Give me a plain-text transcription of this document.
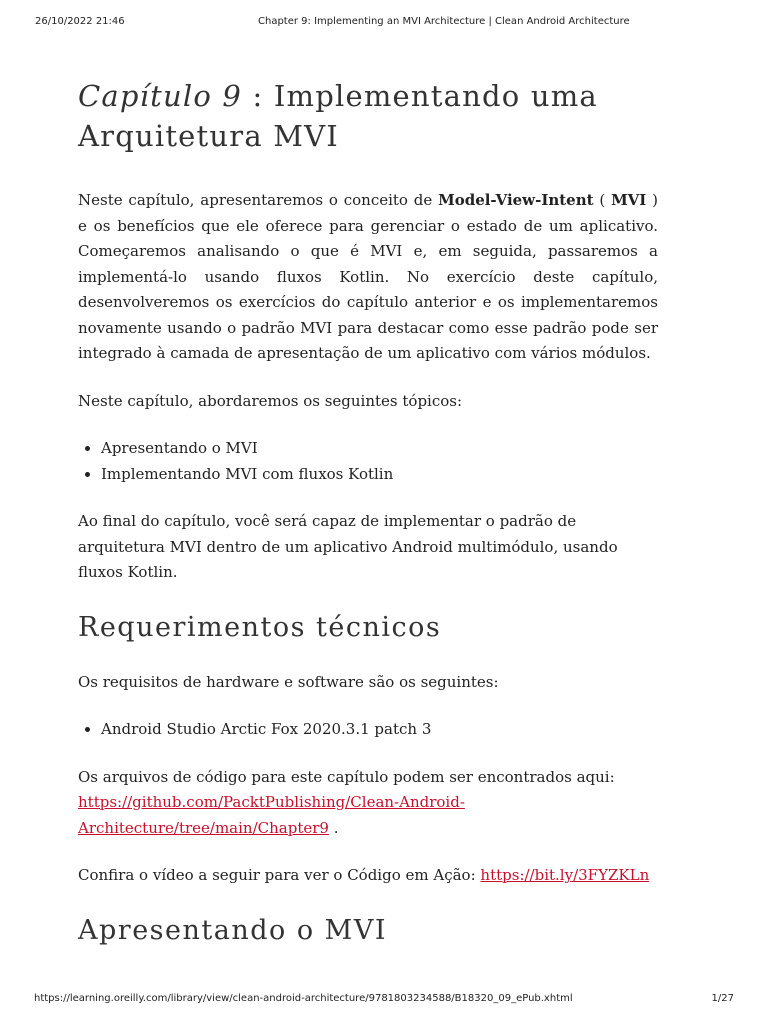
26/10/2022 21:46	Chapter 9: Implementing an MVI Architecture | Clean Android Architecture
Capítulo 9 : Implementando uma
Arquitetura MVI

Neste capítulo, apresentaremos o conceito de Model-View-Intent ( MVI ) e os benefícios que ele oferece para gerenciar o estado de um aplicativo. Começaremos analisando o que é MVI e, em seguida, passaremos a implementá-lo usando fluxos Kotlin. No exercício deste capítulo, desenvolveremos os exercícios do capítulo anterior e os implementaremos novamente usando o padrão MVI para destacar como esse padrão pode ser integrado à camada de apresentação de um aplicativo com vários módulos.

Neste capítulo, abordaremos os seguintes tópicos:

• Apresentando o MVI
• Implementando MVI com fluxos Kotlin

Ao final do capítulo, você será capaz de implementar o padrão de arquitetura MVI dentro de um aplicativo Android multimódulo, usando fluxos Kotlin.

Requerimentos técnicos

Os requisitos de hardware e software são os seguintes:

• Android Studio Arctic Fox 2020.3.1 patch 3

Os arquivos de código para este capítulo podem ser encontrados aqui:
https://github.com/PacktPublishing/Clean-Android-
Architecture/tree/main/Chapter9 .

Confira o vídeo a seguir para ver o Código em Ação: https://bit.ly/3FYZKLn

Apresentando o MVI
https://learning.oreilly.com/library/view/clean-android-architecture/9781803234588/B18320_09_ePub.xhtml	1/27
